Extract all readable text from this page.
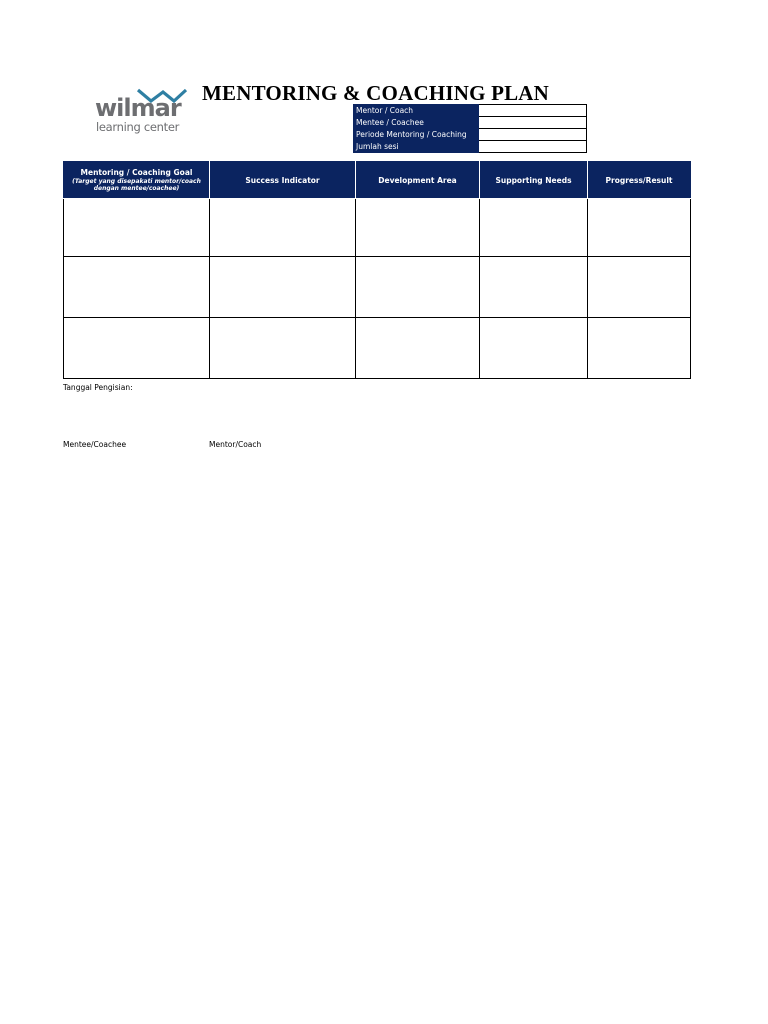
wilmar
learning center
MENTORING & COACHING PLAN
Mentor / Coach	
Mentee / Coachee	
Periode Mentoring / Coaching	
Jumlah sesi	
Mentoring / Coaching Goal
(Target yang disepakati mentor/coach dengan mentee/coachee)	Success Indicator	Development Area	Supporting Needs	Progress/Result

Tanggal Pengisian:
Mentee/Coachee	Mentor/Coach
